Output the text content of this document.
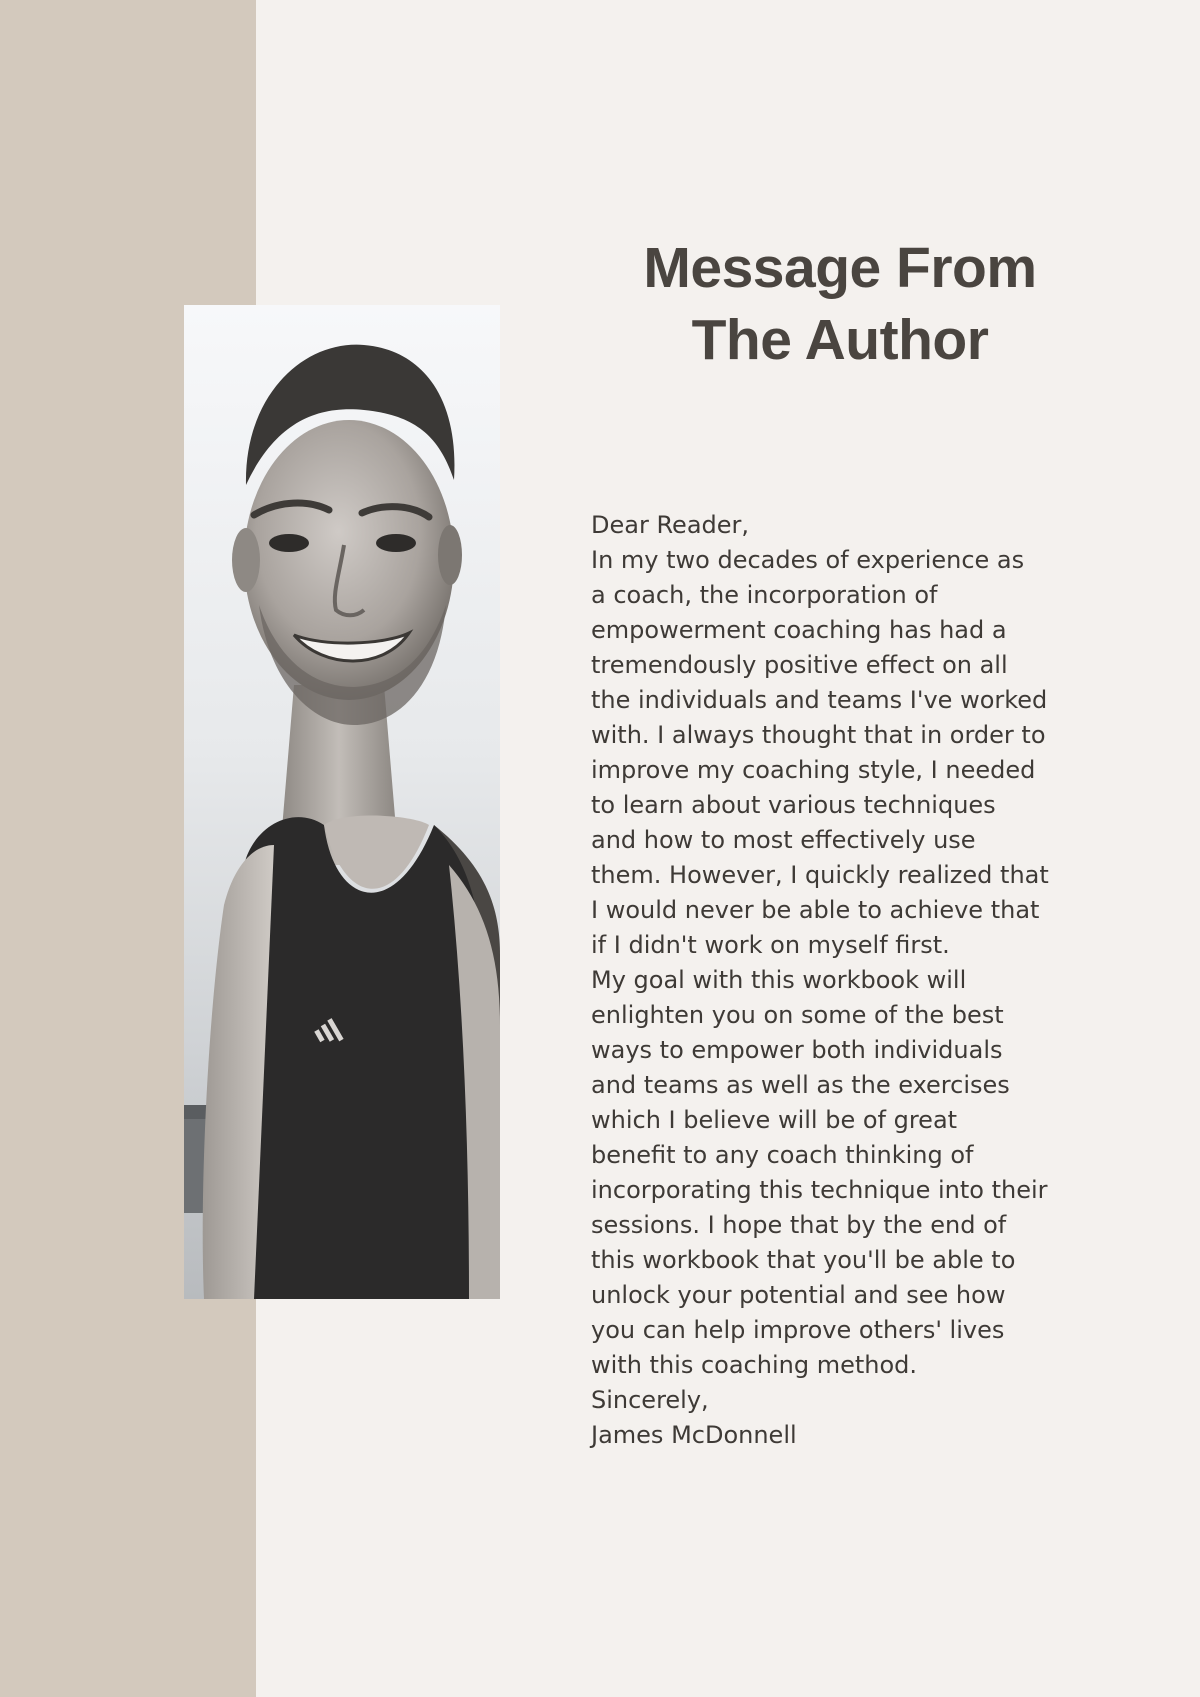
Message From
The Author

Dear Reader,

In my two decades of experience as
a coach, the incorporation of
empowerment coaching has had a
tremendously positive effect on all
the individuals and teams I've worked
with. I always thought that in order to
improve my coaching style, I needed
to learn about various techniques
and how to most effectively use
them. However, I quickly realized that
I would never be able to achieve that
if I didn't work on myself first.

My goal with this workbook will
enlighten you on some of the best
ways to empower both individuals
and teams as well as the exercises
which I believe will be of great
benefit to any coach thinking of
incorporating this technique into their
sessions. I hope that by the end of
this workbook that you'll be able to
unlock your potential and see how
you can help improve others' lives
with this coaching method.

Sincerely,

James McDonnell
